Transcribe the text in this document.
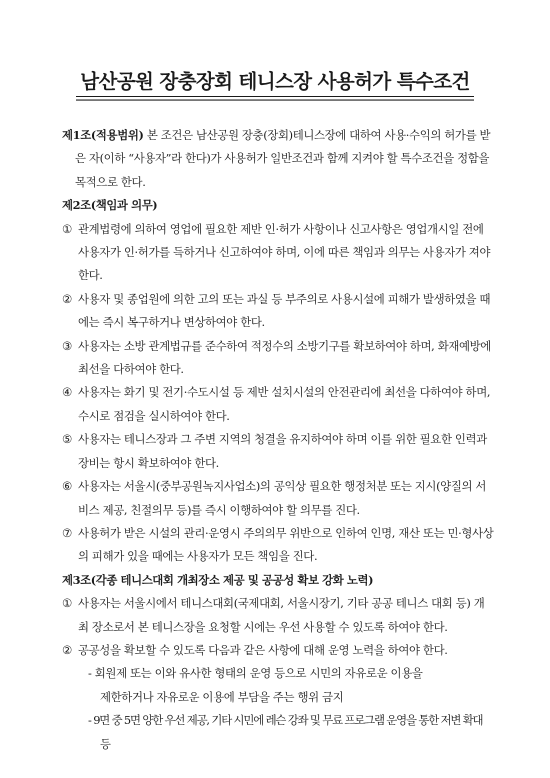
남산공원 장충장회 테니스장 사용허가 특수조건

제1조(적용범위) 본 조건은 남산공원 장충(장회)테니스장에 대하여 사용·수익의 허가를 받은 자(이하 “사용자”라 한다)가 사용허가 일반조건과 함께 지켜야 할 특수조건을 정함을 목적으로 한다.

제2조(책임과 의무)

① 관계법령에 의하여 영업에 필요한 제반 인·허가 사항이나 신고사항은 영업개시일 전에 사용자가 인·허가를 득하거나 신고하여야 하며, 이에 따른 책임과 의무는 사용자가 져야 한다.

② 사용자 및 종업원에 의한 고의 또는 과실 등 부주의로 사용시설에 피해가 발생하였을 때에는 즉시 복구하거나 변상하여야 한다.

③ 사용자는 소방 관계법규를 준수하여 적정수의 소방기구를 확보하여야 하며, 화재예방에 최선을 다하여야 한다.

④ 사용자는 화기 및 전기·수도시설 등 제반 설치시설의 안전관리에 최선을 다하여야 하며, 수시로 점검을 실시하여야 한다.

⑤ 사용자는 테니스장과 그 주변 지역의 청결을 유지하여야 하며 이를 위한 필요한 인력과 장비는 항시 확보하여야 한다.

⑥ 사용자는 서울시(중부공원녹지사업소)의 공익상 필요한 행정처분 또는 지시(양질의 서비스 제공, 친절의무 등)를 즉시 이행하여야 할 의무를 진다.

⑦ 사용허가 받은 시설의 관리·운영시 주의의무 위반으로 인하여 인명, 재산 또는 민·형사상의 피해가 있을 때에는 사용자가 모든 책임을 진다.

제3조(각종 테니스대회 개최장소 제공 및 공공성 확보 강화 노력)

① 사용자는 서울시에서 테니스대회(국제대회, 서울시장기, 기타 공공 테니스 대회 등) 개최 장소로서 본 테니스장을 요청할 시에는 우선 사용할 수 있도록 하여야 한다.

② 공공성을 확보할 수 있도록 다음과 같은 사항에 대해 운영 노력을 하여야 한다.

- 회원제 또는 이와 유사한 형태의 운영 등으로 시민의 자유로운 이용을

제한하거나 자유로운 이용에 부담을 주는 행위 금지

- 9면 중 5면 양한 우선 제공, 기타 시민에 레슨 강좌 및 무료 프로그램 운영을 통한 저변 확대 등
